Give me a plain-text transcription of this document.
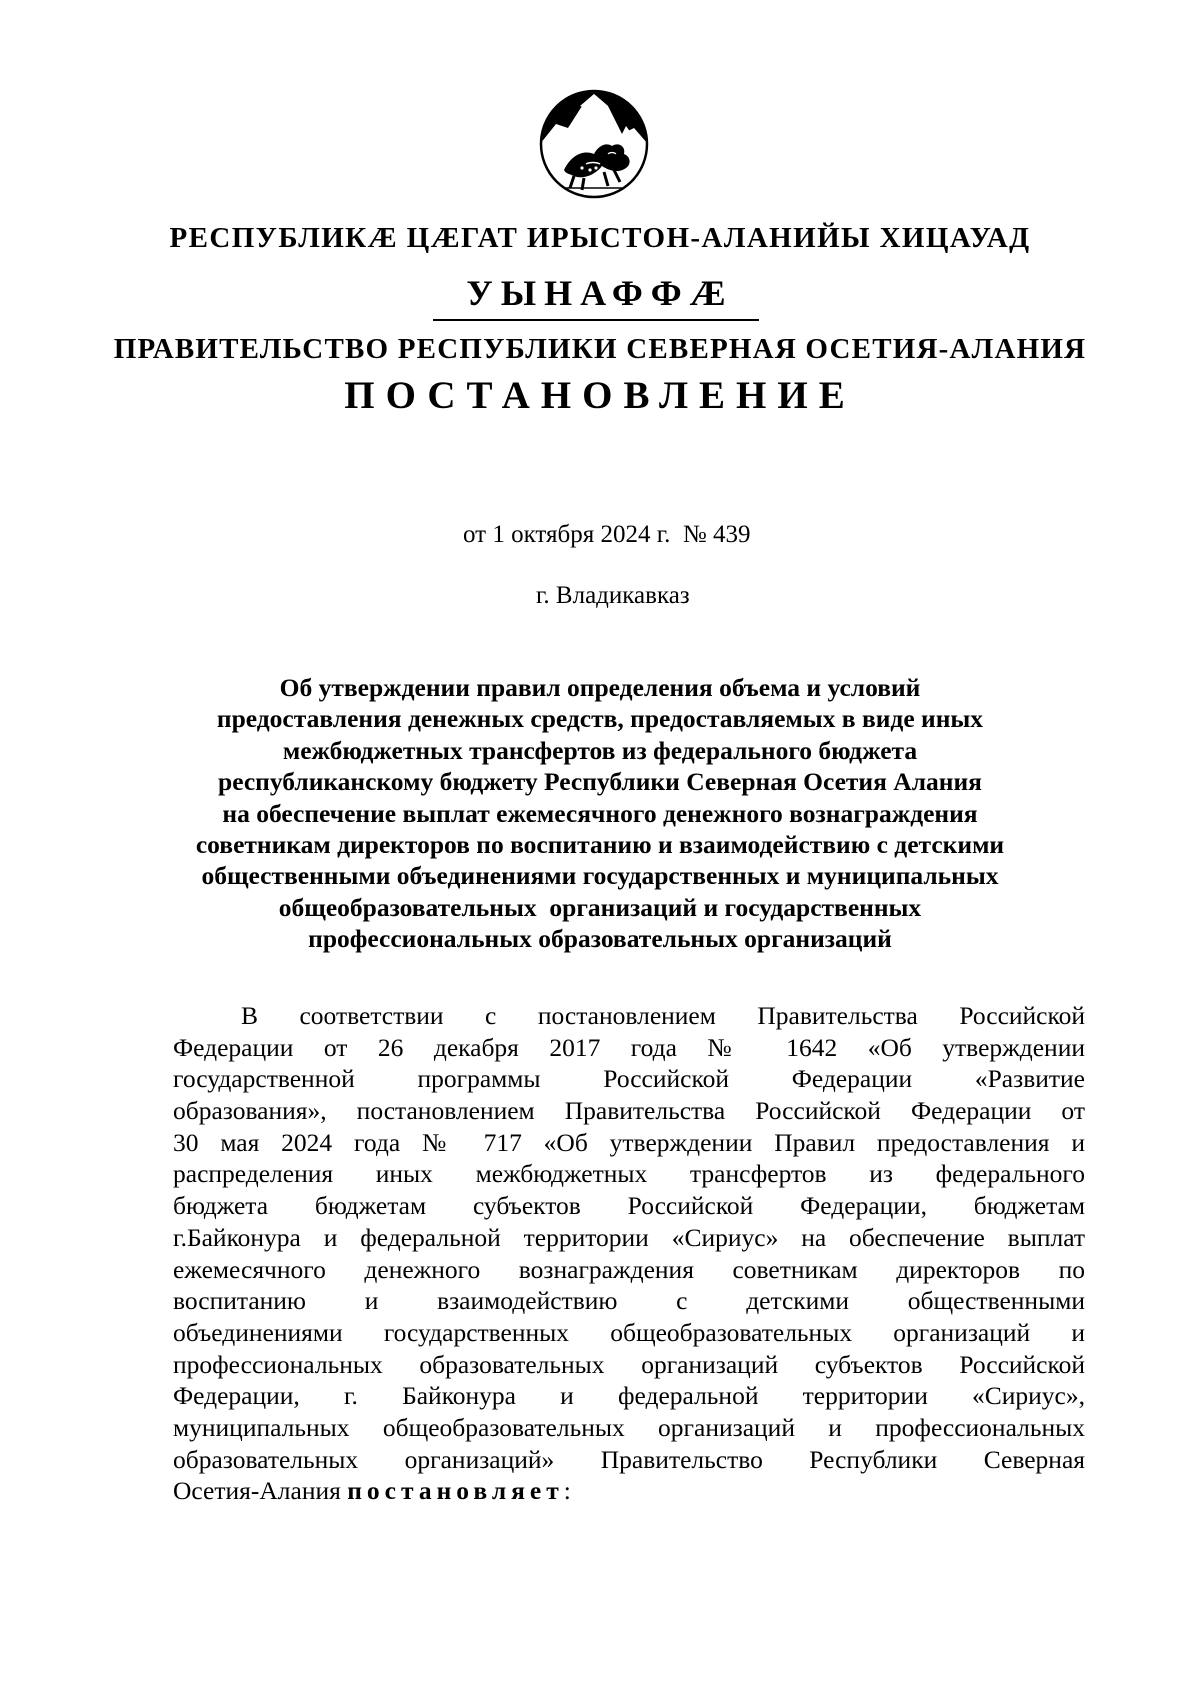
РЕСПУБЛИКÆ ЦÆГАТ ИРЫСТОН-АЛАНИЙЫ ХИЦАУАД
УЫНАФФÆ
ПРАВИТЕЛЬСТВО РЕСПУБЛИКИ СЕВЕРНАЯ ОСЕТИЯ-АЛАНИЯ
ПОСТАНОВЛЕНИЕ
от 1 октября 2024 г. № 439
г. Владикавказ
Об утверждении правил определения объема и условий
предоставления денежных средств, предоставляемых в виде иных
межбюджетных трансфертов из федерального бюджета
республиканскому бюджету Республики Северная Осетия Алания
на обеспечение выплат ежемесячного денежного вознаграждения
советникам директоров по воспитанию и взаимодействию с детскими
общественными объединениями государственных и муниципальных
общеобразовательных  организаций и государственных
профессиональных образовательных организаций
В соответствии с постановлением Правительства Российской
Федерации от 26 декабря 2017 года № 1642 «Об утверждении
государственной программы Российской Федерации «Развитие
образования», постановлением Правительства Российской Федерации от
30 мая 2024 года № 717 «Об утверждении Правил предоставления и
распределения иных межбюджетных трансфертов из федерального
бюджета бюджетам субъектов Российской Федерации, бюджетам
г.Байконура и федеральной территории «Сириус» на обеспечение выплат
ежемесячного денежного вознаграждения советникам директоров по
воспитанию и взаимодействию с детскими общественными
объединениями государственных общеобразовательных организаций и
профессиональных образовательных организаций субъектов Российской
Федерации, г. Байконура и федеральной территории «Сириус»,
муниципальных общеобразовательных организаций и профессиональных
образовательных организаций» Правительство Республики Северная
Осетия-Алания постановляет:
